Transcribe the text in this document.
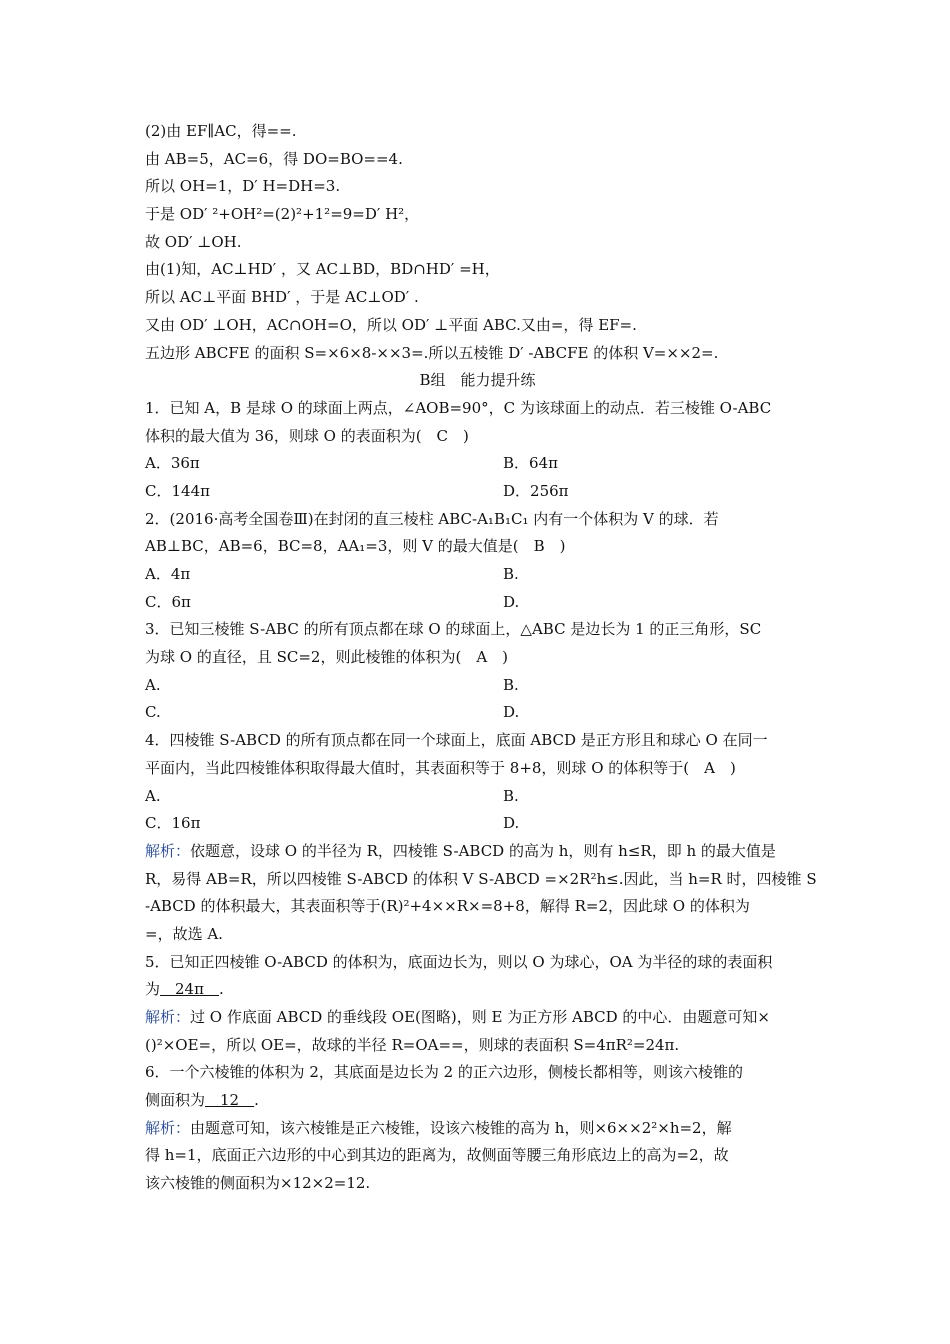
(2)由 EF∥AC，得==.
由 AB=5，AC=6，得 DO=BO==4.
所以 OH=1，D′ H=DH=3.
于是 OD′ ²+OH²=(2)²+1²=9=D′ H²，
故 OD′ ⊥OH.
由(1)知，AC⊥HD′ ，又 AC⊥BD，BD∩HD′ =H，
所以 AC⊥平面 BHD′ ，于是 AC⊥OD′ .
又由 OD′ ⊥OH，AC∩OH=O，所以 OD′ ⊥平面 ABC.又由=，得 EF=.
五边形 ABCFE 的面积 S=×6×8-××3=.所以五棱锥 D′ -ABCFE 的体积 V=××2=.
B组　能力提升练
1．已知 A，B 是球 O 的球面上两点，∠AOB=90°，C 为该球面上的动点．若三棱锥 O-ABC
体积的最大值为 36，则球 O 的表面积为(　C　)
A．36π	B．64π
C．144π	D．256π
2．(2016·高考全国卷Ⅲ)在封闭的直三棱柱 ABC-A₁B₁C₁ 内有一个体积为 V 的球．若
AB⊥BC，AB=6，BC=8，AA₁=3，则 V 的最大值是(　B　)
A．4π	B.
C．6π	D.
3．已知三棱锥 S-ABC 的所有顶点都在球 O 的球面上，△ABC 是边长为 1 的正三角形，SC
为球 O 的直径，且 SC=2，则此棱锥的体积为(　A　)
A.	B.
C.	D.
4．四棱锥 S-ABCD 的所有顶点都在同一个球面上，底面 ABCD 是正方形且和球心 O 在同一
平面内，当此四棱锥体积取得最大值时，其表面积等于 8+8，则球 O 的体积等于(　A　)
A.	B.
C．16π	D.
解析：依题意，设球 O 的半径为 R，四棱锥 S-ABCD 的高为 h，则有 h≤R，即 h 的最大值是
R，易得 AB=R，所以四棱锥 S-ABCD 的体积 V S-ABCD =×2R²h≤.因此，当 h=R 时，四棱锥 S
-ABCD 的体积最大，其表面积等于(R)²+4××R×=8+8，解得 R=2，因此球 O 的体积为
=，故选 A.
5．已知正四棱锥 O-ABCD 的体积为，底面边长为，则以 O 为球心，OA 为半径的球的表面积
为　24π　.
解析：过 O 作底面 ABCD 的垂线段 OE(图略)，则 E 为正方形 ABCD 的中心．由题意可知×
()²×OE=，所以 OE=，故球的半径 R=OA==，则球的表面积 S=4πR²=24π.
6．一个六棱锥的体积为 2，其底面是边长为 2 的正六边形，侧棱长都相等，则该六棱锥的
侧面积为　12　.
解析：由题意可知，该六棱锥是正六棱锥，设该六棱锥的高为 h，则×6××2²×h=2，解
得 h=1，底面正六边形的中心到其边的距离为，故侧面等腰三角形底边上的高为=2，故
该六棱锥的侧面积为×12×2=12.
